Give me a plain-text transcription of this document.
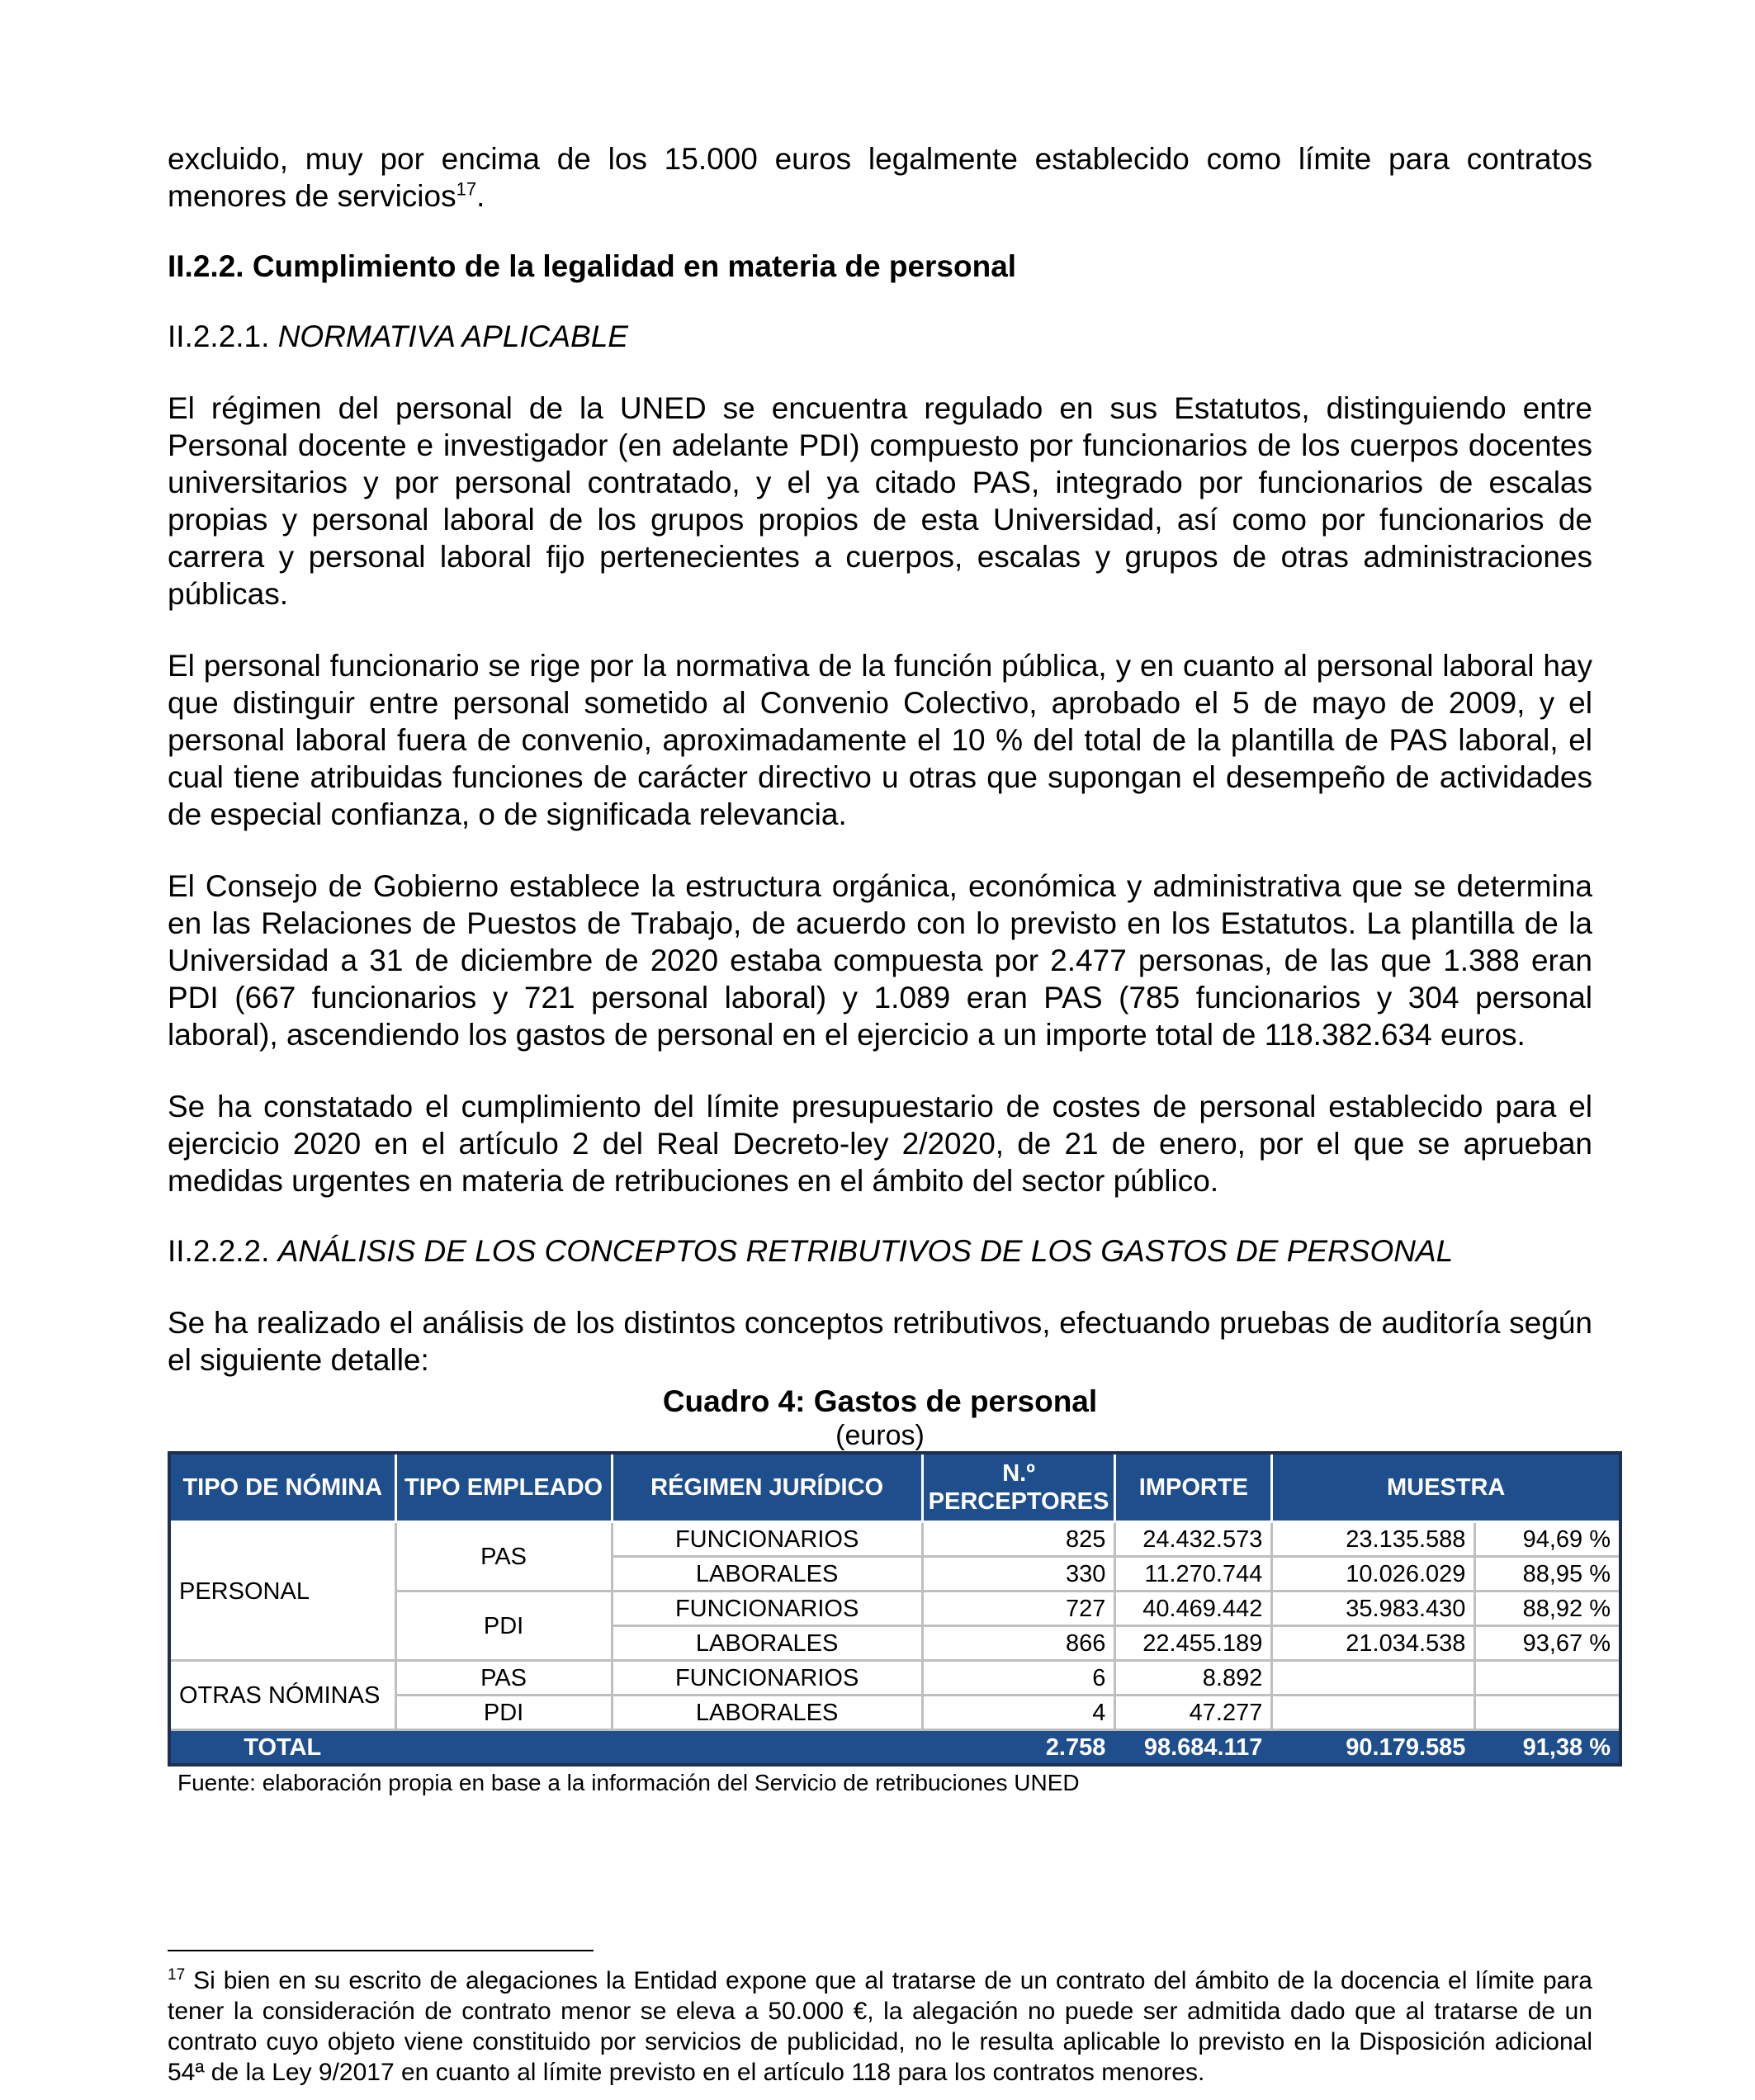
excluido, muy por encima de los 15.000 euros legalmente establecido como límite para contratos menores de servicios$^{17}$.

II.2.2. Cumplimiento de la legalidad en materia de personal

II.2.2.1. NORMATIVA APLICABLE

El régimen del personal de la UNED se encuentra regulado en sus Estatutos, distinguiendo entre Personal docente e investigador (en adelante PDI) compuesto por funcionarios de los cuerpos docentes universitarios y por personal contratado, y el ya citado PAS, integrado por funcionarios de escalas propias y personal laboral de los grupos propios de esta Universidad, así como por funcionarios de carrera y personal laboral fijo pertenecientes a cuerpos, escalas y grupos de otras administraciones públicas.

El personal funcionario se rige por la normativa de la función pública, y en cuanto al personal laboral hay que distinguir entre personal sometido al Convenio Colectivo, aprobado el 5 de mayo de 2009, y el personal laboral fuera de convenio, aproximadamente el 10 % del total de la plantilla de PAS laboral, el cual tiene atribuidas funciones de carácter directivo u otras que supongan el desempeño de actividades de especial confianza, o de significada relevancia.

El Consejo de Gobierno establece la estructura orgánica, económica y administrativa que se determina en las Relaciones de Puestos de Trabajo, de acuerdo con lo previsto en los Estatutos. La plantilla de la Universidad a 31 de diciembre de 2020 estaba compuesta por 2.477 personas, de las que 1.388 eran PDI (667 funcionarios y 721 personal laboral) y 1.089 eran PAS (785 funcionarios y 304 personal laboral), ascendiendo los gastos de personal en el ejercicio a un importe total de 118.382.634 euros.

Se ha constatado el cumplimiento del límite presupuestario de costes de personal establecido para el ejercicio 2020 en el artículo 2 del Real Decreto-ley 2/2020, de 21 de enero, por el que se aprueban medidas urgentes en materia de retribuciones en el ámbito del sector público.

II.2.2.2. ANÁLISIS DE LOS CONCEPTOS RETRIBUTIVOS DE LOS GASTOS DE PERSONAL

Se ha realizado el análisis de los distintos conceptos retributivos, efectuando pruebas de auditoría según el siguiente detalle:

Cuadro 4: Gastos de personal
(euros)
TIPO DE NÓMINA	TIPO EMPLEADO	RÉGIMEN JURÍDICO	N.º
PERCEPTORES	IMPORTE	MUESTRA	
PERSONAL	PAS	FUNCIONARIOS	825	24.432.573	23.135.588	94,69 %
		LABORALES	330	11.270.744	10.026.029	88,95 %
	PDI	FUNCIONARIOS	727	40.469.442	35.983.430	88,92 %
		LABORALES	866	22.455.189	21.034.538	93,67 %
OTRAS NÓMINAS	PAS	FUNCIONARIOS	6	8.892		
	PDI	LABORALES	4	47.277		
TOTAL			2.758	98.684.117	90.179.585	91,38 %
Fuente: elaboración propia en base a la información del Servicio de retribuciones UNED
$^{17}$ Si bien en su escrito de alegaciones la Entidad expone que al tratarse de un contrato del ámbito de la docencia el límite para tener la consideración de contrato menor se eleva a 50.000 €, la alegación no puede ser admitida dado que al tratarse de un contrato cuyo objeto viene constituido por servicios de publicidad, no le resulta aplicable lo previsto en la Disposición adicional 54ª de la Ley 9/2017 en cuanto al límite previsto en el artículo 118 para los contratos menores.
